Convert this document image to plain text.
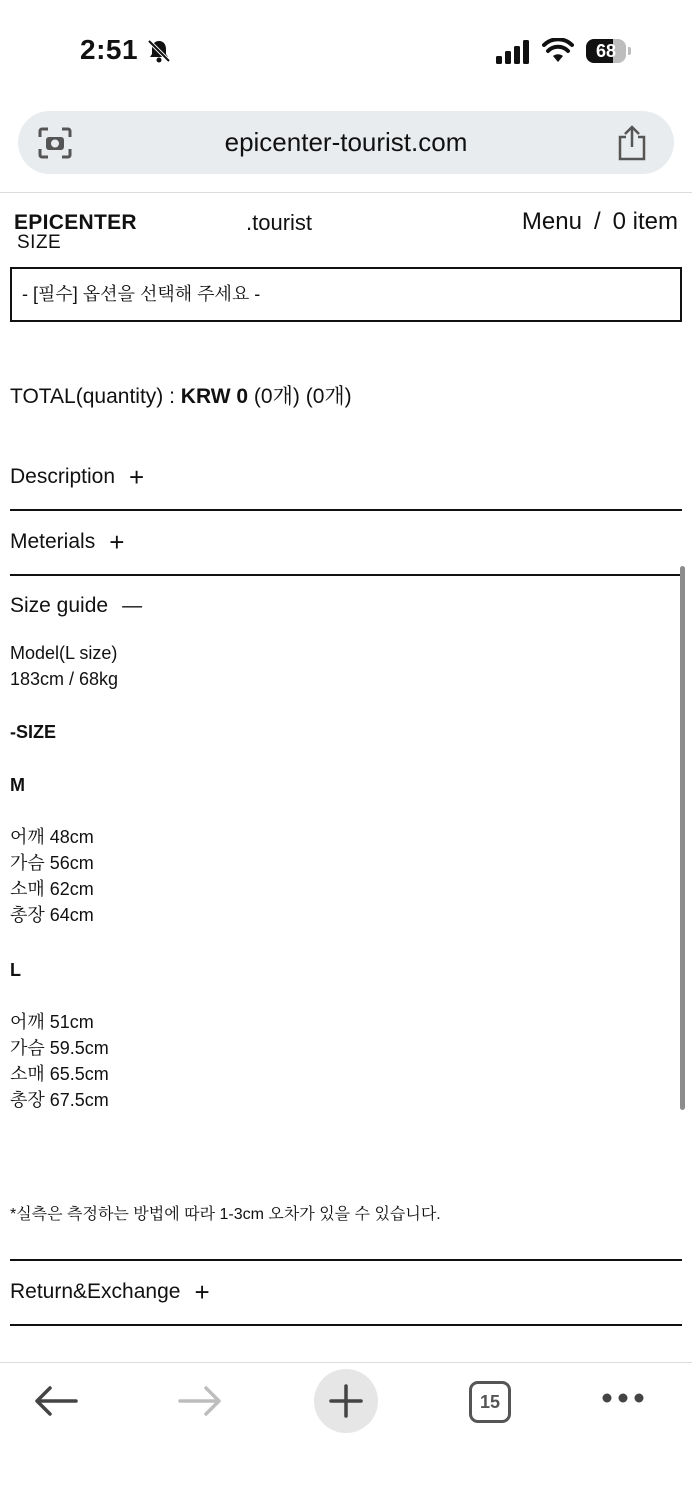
2:51	68
epicenter-tourist.com
EPICENTER
SIZE
.tourist	Menu / 0 item
- [필수] 옵션을 선택해 주세요 -
TOTAL(quantity) : KRW 0 (0개) (0개)
Description +
Meterials +
Size guide —
Model(L size)
183cm / 68kg
-SIZE
M
어깨 48cm
가슴 56cm
소매 62cm
총장 64cm
L
어깨 51cm
가슴 59.5cm
소매 65.5cm
총장 67.5cm
*실측은 측정하는 방법에 따라 1-3cm 오차가 있을 수 있습니다.
Return&Exchange +
15
